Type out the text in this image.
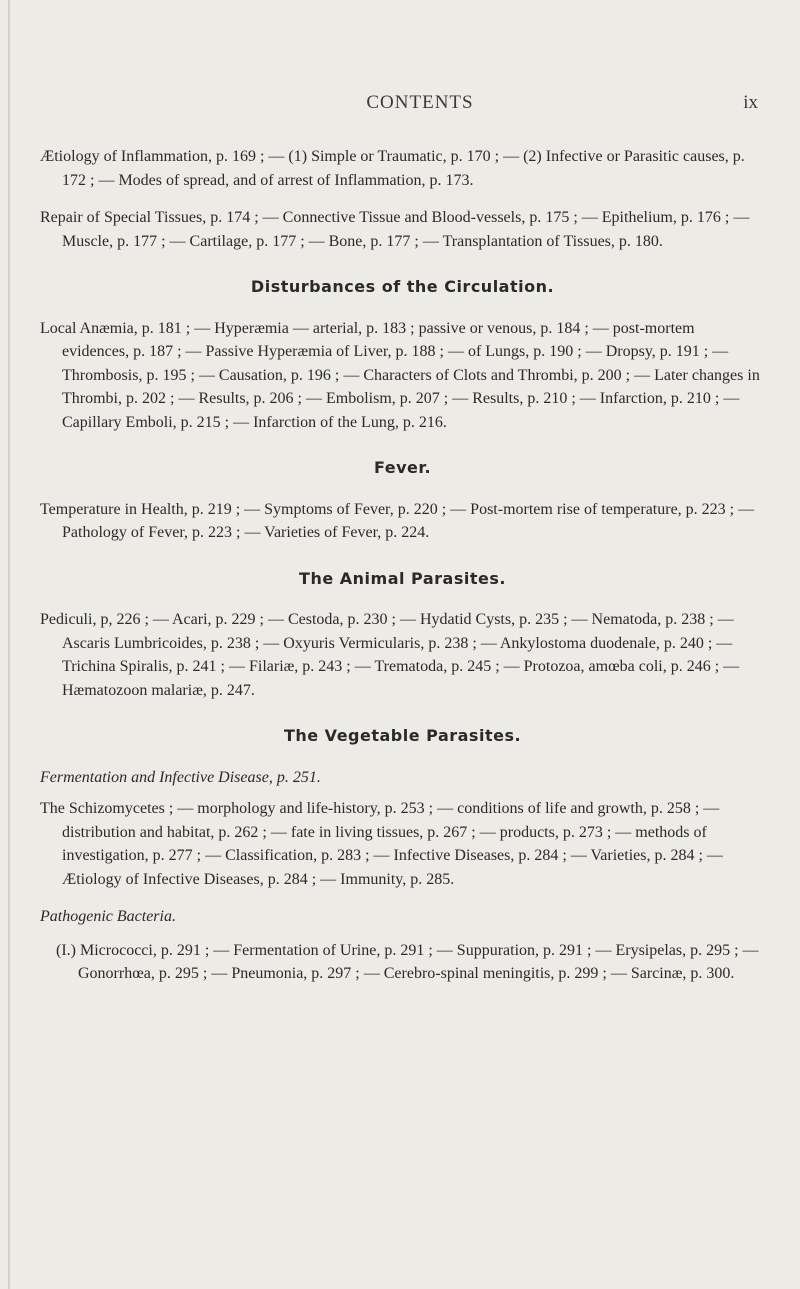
CONTENTS	ix

Ætiology of Inflammation, p. 169 ; — (1) Simple or Traumatic, p. 170 ; — (2) Infective or Parasitic causes, p. 172 ; — Modes of spread, and of arrest of Inflammation, p. 173.

Repair of Special Tissues, p. 174 ; — Connective Tissue and Blood-vessels, p. 175 ; — Epithelium, p. 176 ; — Muscle, p. 177 ; — Cartilage, p. 177 ; — Bone, p. 177 ; — Transplantation of Tissues, p. 180.

Disturbances of the Circulation.

Local Anæmia, p. 181 ; — Hyperæmia — arterial, p. 183 ; passive or venous, p. 184 ; — post-mortem evidences, p. 187 ; — Passive Hyperæmia of Liver, p. 188 ; — of Lungs, p. 190 ; — Dropsy, p. 191 ; — Thrombosis, p. 195 ; — Causation, p. 196 ; — Characters of Clots and Thrombi, p. 200 ; — Later changes in Thrombi, p. 202 ; — Results, p. 206 ; — Embolism, p. 207 ; — Results, p. 210 ; — Infarction, p. 210 ; — Capillary Emboli, p. 215 ; — Infarction of the Lung, p. 216.

Fever.

Temperature in Health, p. 219 ; — Symptoms of Fever, p. 220 ; — Post-mortem rise of temperature, p. 223 ; — Pathology of Fever, p. 223 ; — Varieties of Fever, p. 224.

The Animal Parasites.

Pediculi, p, 226 ; — Acari, p. 229 ; — Cestoda, p. 230 ; — Hydatid Cysts, p. 235 ; — Nematoda, p. 238 ; — Ascaris Lumbricoides, p. 238 ; — Oxyuris Vermicularis, p. 238 ; — Ankylostoma duodenale, p. 240 ; — Trichina Spiralis, p. 241 ; — Filariæ, p. 243 ; — Trematoda, p. 245 ; — Protozoa, amœba coli, p. 246 ; — Hæmatozoon malariæ, p. 247.

The Vegetable Parasites.

Fermentation and Infective Disease, p. 251.

The Schizomycetes ; — morphology and life-history, p. 253 ; — conditions of life and growth, p. 258 ; — distribution and habitat, p. 262 ; — fate in living tissues, p. 267 ; — products, p. 273 ; — methods of investigation, p. 277 ; — Classification, p. 283 ; — Infective Diseases, p. 284 ; — Varieties, p. 284 ; — Ætiology of Infective Diseases, p. 284 ; — Immunity, p. 285.

Pathogenic Bacteria.

(I.) Micrococci, p. 291 ; — Fermentation of Urine, p. 291 ; — Suppuration, p. 291 ; — Erysipelas, p. 295 ; — Gonorrhœa, p. 295 ; — Pneumonia, p. 297 ; — Cerebro-spinal meningitis, p. 299 ; — Sarcinæ, p. 300.
